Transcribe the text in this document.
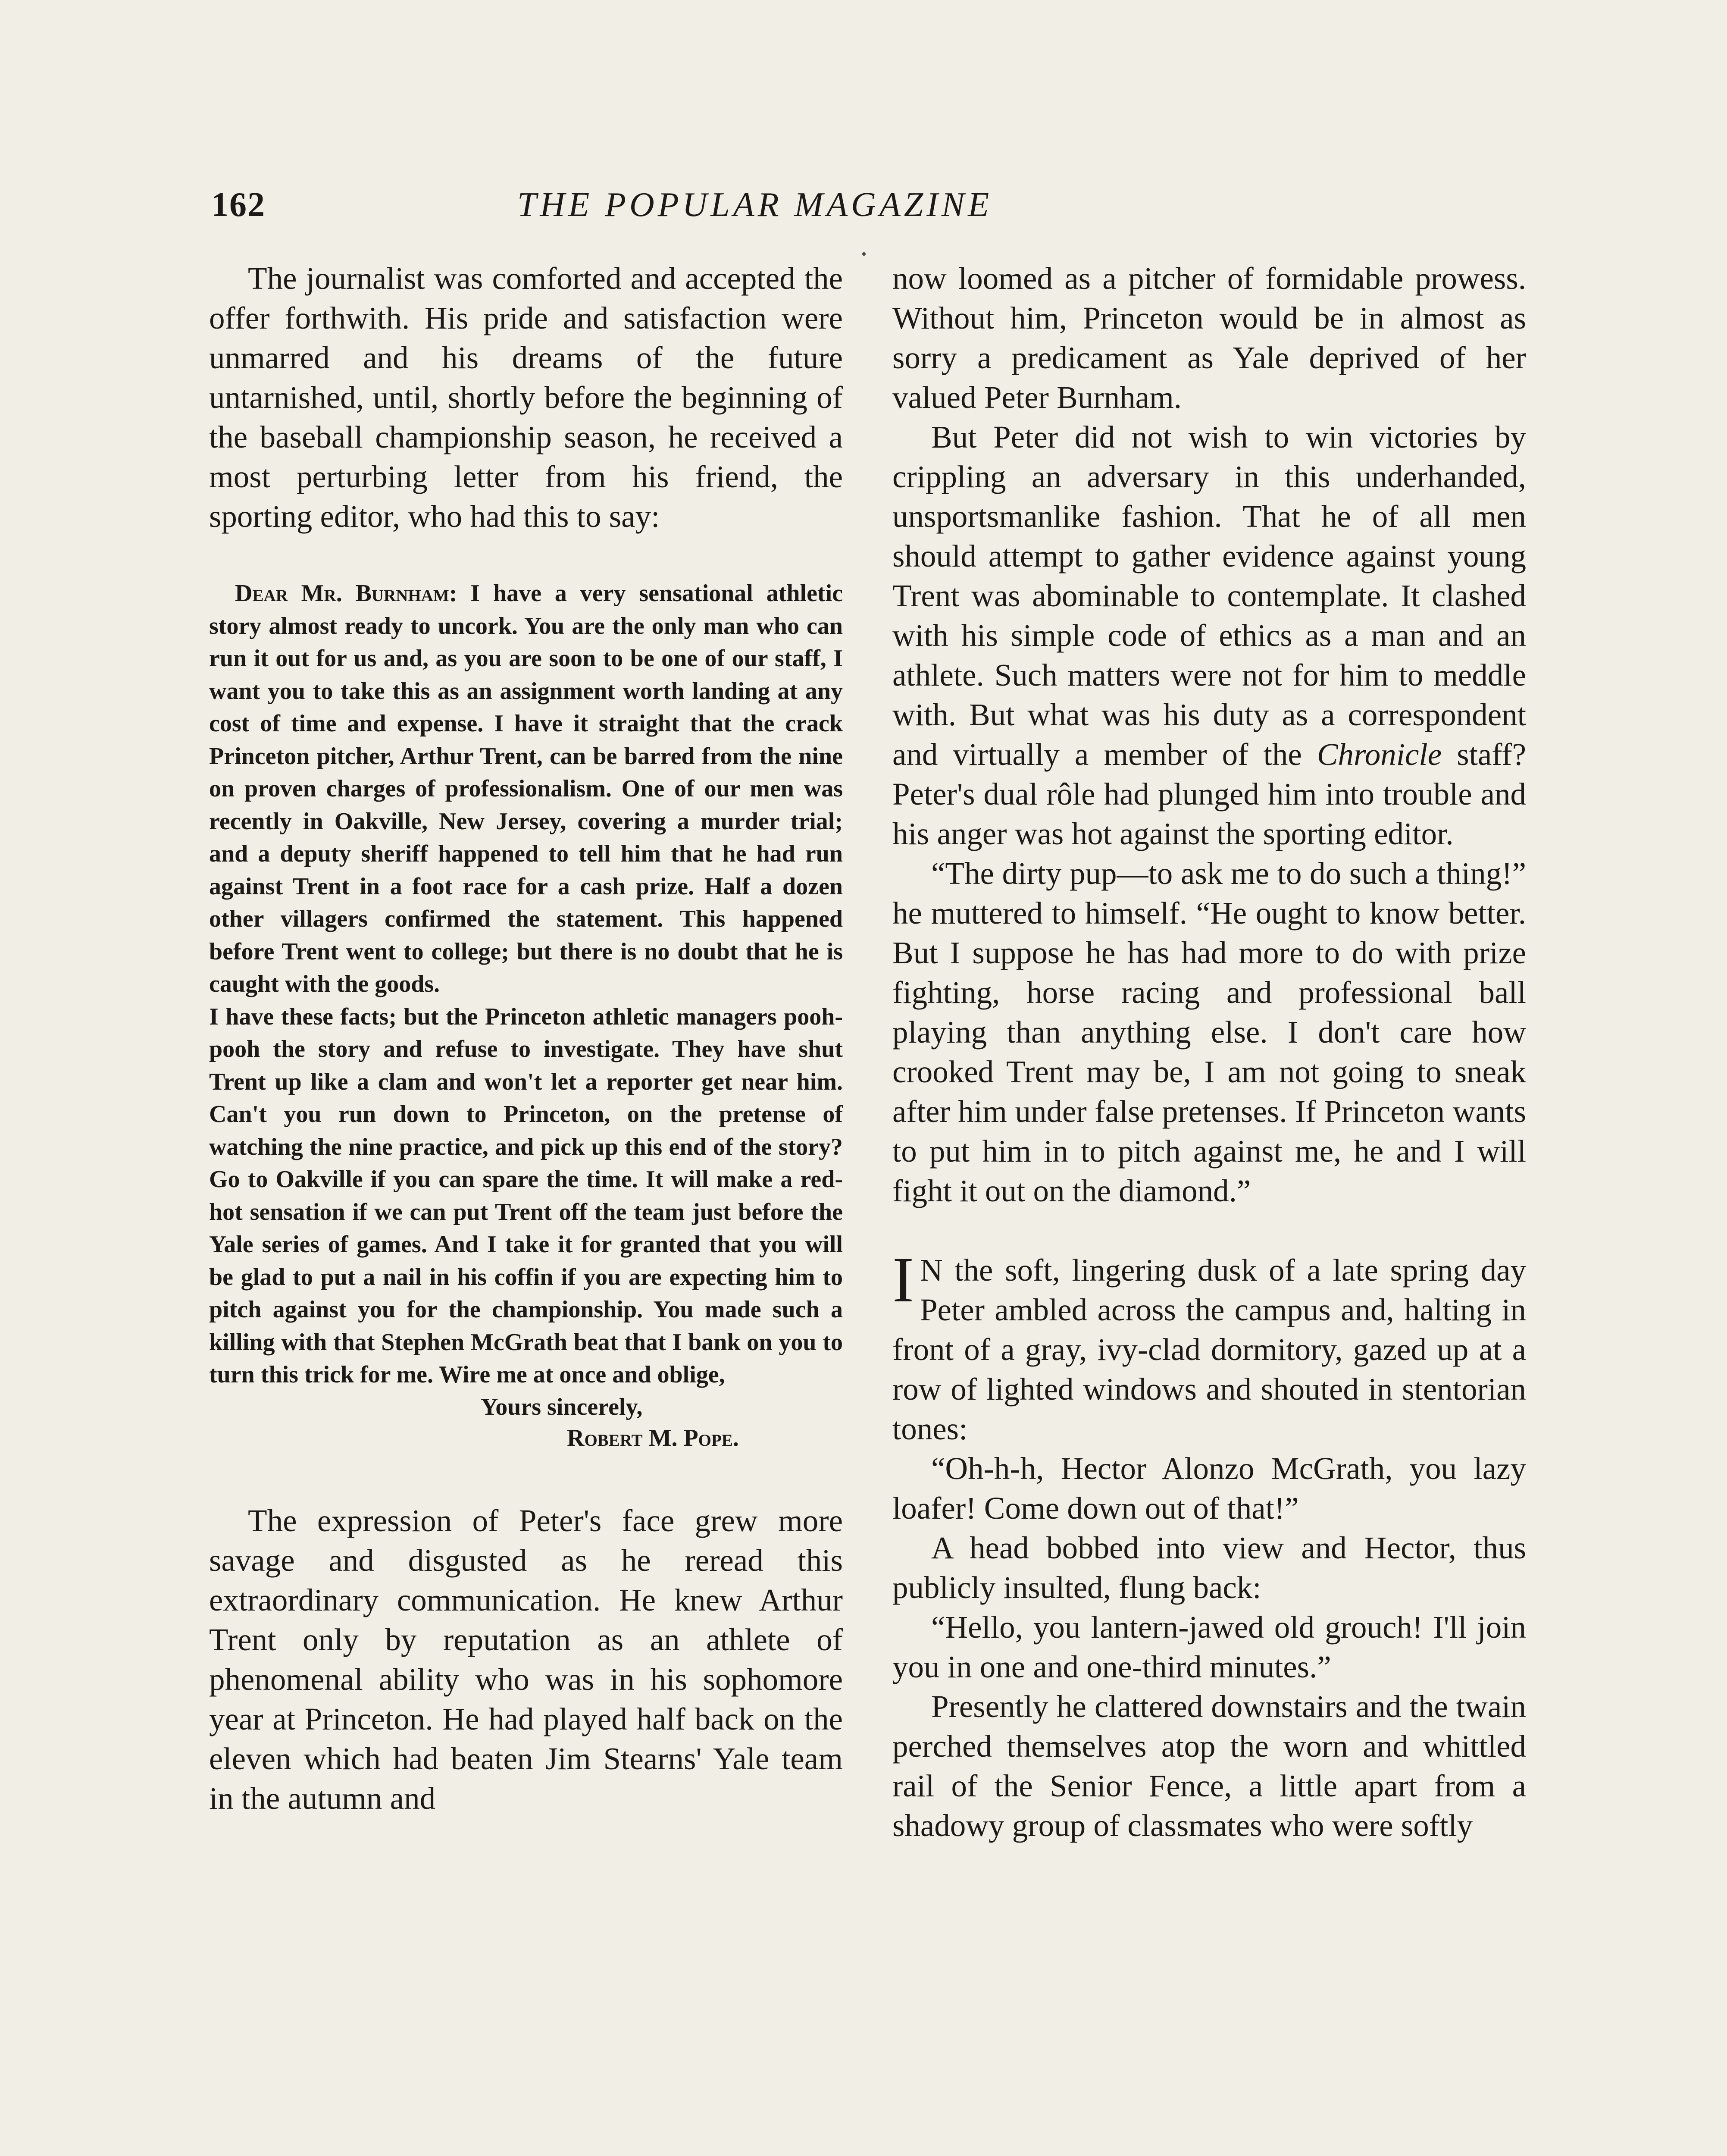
162	THE POPULAR MAGAZINE

The journalist was comforted and accepted the offer forthwith. His pride and satisfaction were unmarred and his dreams of the future untarnished, until, shortly before the beginning of the baseball championship season, he received a most perturbing letter from his friend, the sporting editor, who had this to say:

Dear Mr. Burnham: I have a very sensational athletic story almost ready to uncork. You are the only man who can run it out for us and, as you are soon to be one of our staff, I want you to take this as an assignment worth landing at any cost of time and expense. I have it straight that the crack Princeton pitcher, Arthur Trent, can be barred from the nine on proven charges of professionalism. One of our men was recently in Oakville, New Jersey, covering a murder trial; and a deputy sheriff happened to tell him that he had run against Trent in a foot race for a cash prize. Half a dozen other villagers confirmed the statement. This happened before Trent went to college; but there is no doubt that he is caught with the goods.

I have these facts; but the Princeton athletic managers pooh-pooh the story and refuse to investigate. They have shut Trent up like a clam and won't let a reporter get near him. Can't you run down to Princeton, on the pretense of watching the nine practice, and pick up this end of the story? Go to Oakville if you can spare the time. It will make a red-hot sensation if we can put Trent off the team just before the Yale series of games. And I take it for granted that you will be glad to put a nail in his coffin if you are expecting him to pitch against you for the championship. You made such a killing with that Stephen McGrath beat that I bank on you to turn this trick for me. Wire me at once and oblige,

Yours sincerely,

Robert M. Pope.

The expression of Peter's face grew more savage and disgusted as he reread this extraordinary communication. He knew Arthur Trent only by reputation as an athlete of phenomenal ability who was in his sophomore year at Princeton. He had played half back on the eleven which had beaten Jim Stearns' Yale team in the autumn and

now loomed as a pitcher of formidable prowess. Without him, Princeton would be in almost as sorry a predicament as Yale deprived of her valued Peter Burnham.

But Peter did not wish to win victories by crippling an adversary in this underhanded, unsportsmanlike fashion. That he of all men should attempt to gather evidence against young Trent was abominable to contemplate. It clashed with his simple code of ethics as a man and an athlete. Such matters were not for him to meddle with. But what was his duty as a correspondent and virtually a member of the Chronicle staff? Peter's dual rôle had plunged him into trouble and his anger was hot against the sporting editor.

“The dirty pup—to ask me to do such a thing!” he muttered to himself. “He ought to know better. But I suppose he has had more to do with prize fighting, horse racing and professional ball playing than anything else. I don't care how crooked Trent may be, I am not going to sneak after him under false pretenses. If Princeton wants to put him in to pitch against me, he and I will fight it out on the diamond.”

I N the soft, lingering dusk of a late spring day Peter ambled across the campus and, halting in front of a gray, ivy-clad dormitory, gazed up at a row of lighted windows and shouted in stentorian tones:

“Oh-h-h, Hector Alonzo McGrath, you lazy loafer! Come down out of that!”

A head bobbed into view and Hector, thus publicly insulted, flung back:

“Hello, you lantern-jawed old grouch! I'll join you in one and one-third minutes.”

Presently he clattered downstairs and the twain perched themselves atop the worn and whittled rail of the Senior Fence, a little apart from a shadowy group of classmates who were softly
